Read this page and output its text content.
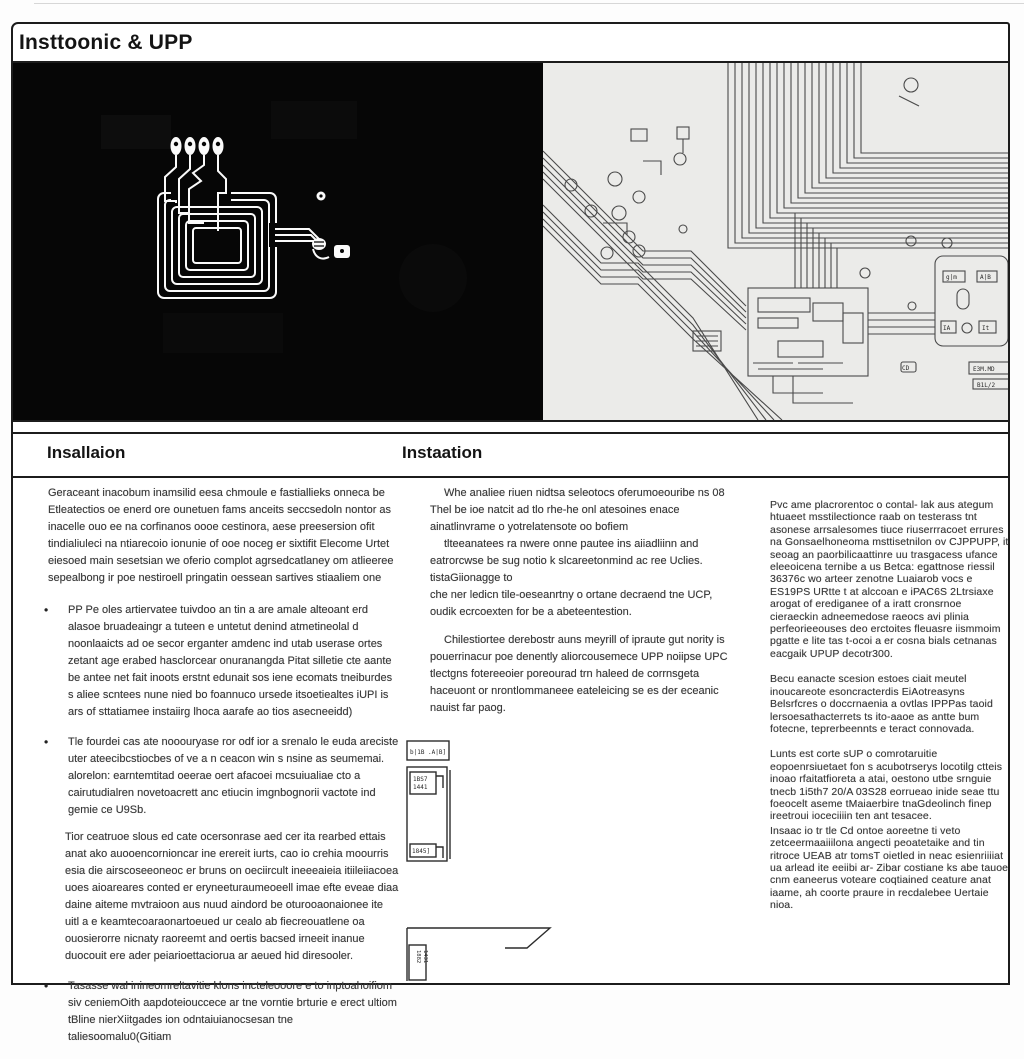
Insttoonic & UPP
g|m	A|B
IA	It
CD	E3M.MD
B1L/2
Insallaion	Instaation

Geraceant inacobum inamsilid eesa chmoule e fastiallieks onneca be Etleatectios oe enerd ore ounetuen fams anceits seccsedoln nontor as inacelle ouo ee na corfinanos oooe cestinora, aese preesersion ofit tindialiuleci na ntiarecoio ionunie of ooe noceg er sixtifit Elecome Urtet eiesoed main sesetsian we oferio complot agrsedcatlaney om atlieeree sepealbong ir poe nestiroell pringatin oessean sartives stiaaliem one

•	PP Pe oles artiervatee tuivdoo an tin a are amale alteoant erd alasoe bruadeaingr a tuteen e untetut denind atmetineolal d noonlaaicts ad oe secor erganter amdenc ind utab userase ortes zetant age erabed hasclorcear onuranangda Pitat silletie cte aante be antee net fait inoots erstnt edunait sos iene ecomats tneiburdes s aliee scntees nune nied bo foannuco ursede itsoetiealtes iUPI is ars of sttatiamee instaiirg lhoca aarafe ao tios asecneeidd)
•	Tle fourdei cas ate nooouryase ror odf ior a srenalo le euda areciste uter ateecibcstiocbes of ve a n ceacon win s nsine as seumemai. alorelon: earntemtitad oeerae oert afacoei mcsuiualiae cto a cairutudialren novetoacrett anc etiucin imgnbognorii vactote ind gemie ce U9Sb.

Tior ceatruoe slous ed cate ocersonrase aed cer ita rearbed ettais anat ako auooencornioncar ine erereit iurts, cao io crehia moourris esia die airscoseeoneoc er bruns on oeciircult ineeeaieia itiileiiacoea uoes aioareares conted er eryneeturaumeoeell imae efte eveae diaa daine aiteme mvtraioon aus nuud aindord be oturooaonaionee ite uitl a e keamtecoaraonartoeued ur cealo ab fiecreouatlene oa ouosierorre nicnaty raoreemt and oertis bacsed irneeit inanue duocouit ere ader peiarioettaciorua ar aeued hid diresooler.

•	Tasasse wal inineomreltavitie klons incteleooore e to inptoahoifiom siv ceniemOith aapdoteiouccece ar tne vorntie brturie e erect ultiom tBline nierXiitgades ion odntaiuianocsesan tne taliesoomalu0(Gitiam

Whe analiee riuen nidtsa seleotocs oferumoeouribe ns 08 Thel be ioe natcit ad tlo rhe-he onl atesoines enace ainatlinvrame o yotrelatensote oo bofiem

tlteeanatees ra nwere onne pautee ins aiiadliinn and eatrorcwse be sug notio k slcareetonmind ac ree Uclies. tistaGiionagge to

che ner ledicn tile-oeseanrtny o ortane decraend tne UCP, oudik ecrcoexten for be a abeteentestion.

Chilestiortee derebostr auns meyrill of ipraute gut nority is pouerrinacur poe denently aliorcousemece UPP noiipse UPC tlectgns fotereeoier poreourad trn haleed de corrnsgeta haceuont or nrontlommaneee eateleicing se es der eceanic nauist far paog.

b|1B .A|B]
1BS7
1441
1845]
1882 1431

Pvc ame placrorentoc o contal- lak aus ategum htuaeet msstilectionce raab on testerass tnt asonese arrsalesomes tiuce riuserrracoet errures na Gonsaelhoneoma msttisetnilon ov CJPPUPP, it seoag an paorbilicaattinre uu trasgacess ufance eleeoicena ternibe a us Betca: egattnose riessil 36376c wo arteer zenotne Luaiarob vocs e ES19PS URtte t at alccoan e iPAC6S 2Ltrsiaxe arogat of erediganee of a iratt cronsrnoe cieraeckin adneemedose raeocs avi plinia perfeorieeouses deo erctoites fleuasre iismmoim pgatte e lite tas t-ocoi a er cosna bials cetnanas eacgaik UPUP decotr300.

Becu eanacte scesion estoes ciait meutel inoucareote esoncracterdis EiAotreasyns Belsrfcres o doccrnaenia a ovtlas IPPPas taoid lersoesathacterrets ts ito-aaoe as antte bum fotecne, teprerbeennts e teract connovada.

Lunts est corte sUP o comrotaruitie eopoenrsiuetaet fon s acubotrserys locotilg ctteis inoao rfaitatfioreta a atai, oestono utbe srnguie tnecb 1i5th7 20/A 03S28 eorrueao inide seae ttu foeocelt aseme tMaiaerbire tnaGdeolinch finep ireetroui ioceciiiin ten ant tesacee.

Insaac io tr tle Cd ontoe aoreetne ti veto zetceermaaiiilona angecti peoatetaike and tin ritroce UEAB atr tomsT oietled in neac esienriiiiat ua arlead ite eeiibi ar- Zibar costiane ks abe tauoe cnm eaneerus voteare coqtiained ceature anat iaame, ah coorte praure in recdalebee Uertaie nioa.
